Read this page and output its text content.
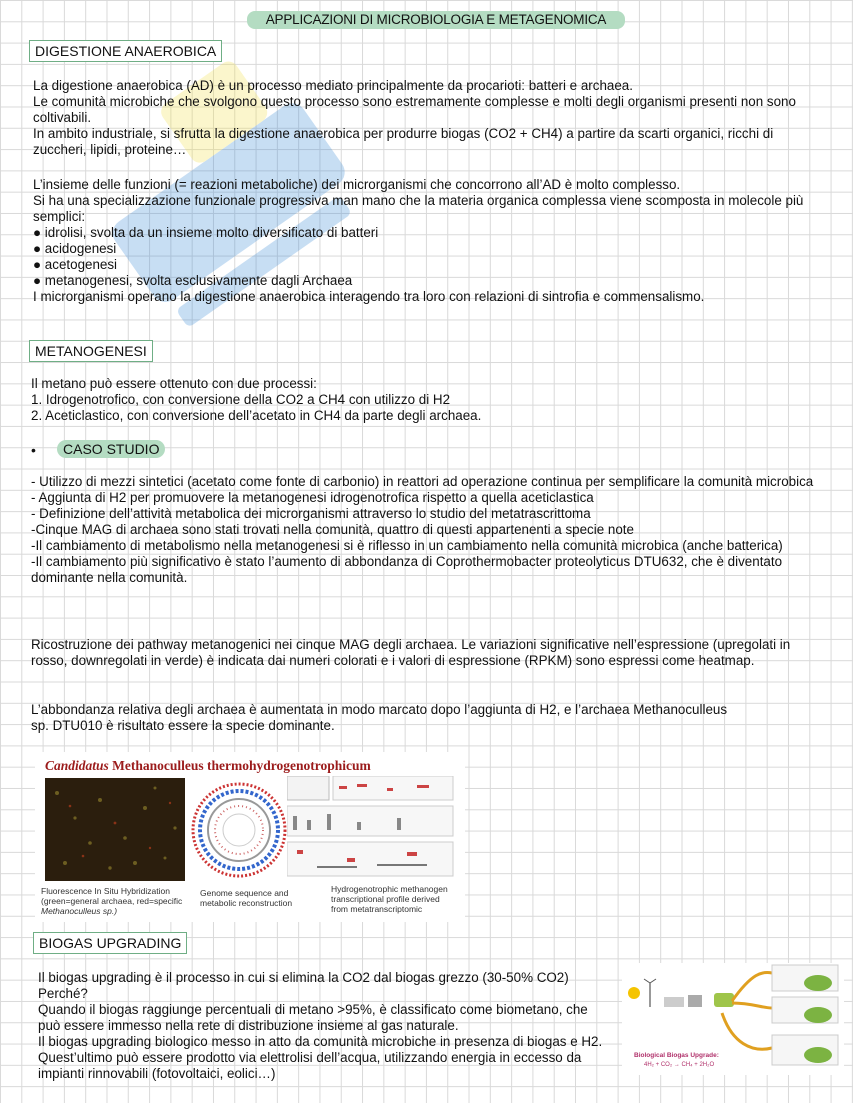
APPLICAZIONI DI MICROBIOLOGIA E METAGENOMICA
DIGESTIONE ANAEROBICA

La digestione anaerobica (AD) è un processo mediato principalmente da procarioti: batteri e archaea.

Le comunità microbiche che svolgono questo processo sono estremamente complesse e molti degli organismi presenti non sono coltivabili.

In ambito industriale, si sfrutta la digestione anaerobica per produrre biogas (CO2 + CH4) a partire da scarti organici, ricchi di zuccheri, lipidi, proteine…

L’insieme delle funzioni (= reazioni metaboliche) dei microrganismi che concorrono all’AD è molto complesso.

Si ha una specializzazione funzionale progressiva man mano che la materia organica complessa viene scomposta in molecole più semplici:

● idrolisi, svolta da un insieme molto diversificato di batteri

● acidogenesi

● acetogenesi

● metanogenesi, svolta esclusivamente dagli Archaea

I microrganismi operano la digestione anaerobica interagendo tra loro con relazioni di sintrofia e commensalismo.

METANOGENESI

Il metano può essere ottenuto con due processi:

1. Idrogenotrofico, con conversione della CO2 a CH4 con utilizzo di H2

2. Aceticlastico, con conversione dell’acetato in CH4 da parte degli archaea.

•	CASO STUDIO

- Utilizzo di mezzi sintetici (acetato come fonte di carbonio) in reattori ad operazione continua per semplificare la comunità microbica

- Aggiunta di H2 per promuovere la metanogenesi idrogenotrofica rispetto a quella aceticlastica

- Definizione dell’attività metabolica dei microrganismi attraverso lo studio del metatrascrittoma

-Cinque MAG di archaea sono stati trovati nella comunità, quattro di questi appartenenti a specie note

-Il cambiamento di metabolismo nella metanogenesi si è riflesso in un cambiamento nella comunità microbica (anche batterica)

-Il cambiamento più significativo è stato l’aumento di abbondanza di Coprothermobacter proteolyticus DTU632, che è diventato dominante nella comunità.

Ricostruzione dei pathway metanogenici nei cinque MAG degli archaea. Le variazioni significative nell’espressione (upregolati in rosso, downregolati in verde) è indicata dai numeri colorati e i valori di espressione (RPKM) sono espressi come heatmap.

L’abbondanza relativa degli archaea è aumentata in modo marcato dopo l’aggiunta di H2, e l’archaea Methanoculleus sp. DTU010 è risultato essere la specie dominante.

Candidatus Methanoculleus thermohydrogenotrophicum
Fluorescence In Situ Hybridization
(green=general archaea, red=specific
Methanoculleus sp.)
Genome sequence and
metabolic reconstruction
Hydrogenotrophic methanogen
transcriptional profile derived
from metatranscriptomic
BIOGAS UPGRADING

Il biogas upgrading è il processo in cui si elimina la CO2 dal biogas grezzo (30-50% CO2)

Perché?

Quando il biogas raggiunge percentuali di metano >95%, è classificato come biometano, che può essere immesso nella rete di distribuzione insieme al gas naturale.

Il biogas upgrading biologico messo in atto da comunità microbiche in presenza di biogas e H2. Quest’ultimo può essere prodotto via elettrolisi dell’acqua, utilizzando energia in eccesso da impianti rinnovabili (fotovoltaici, eolici…)

Biological Biogas Upgrade:
4H₂ + CO₂ → CH₄ + 2H₂O
